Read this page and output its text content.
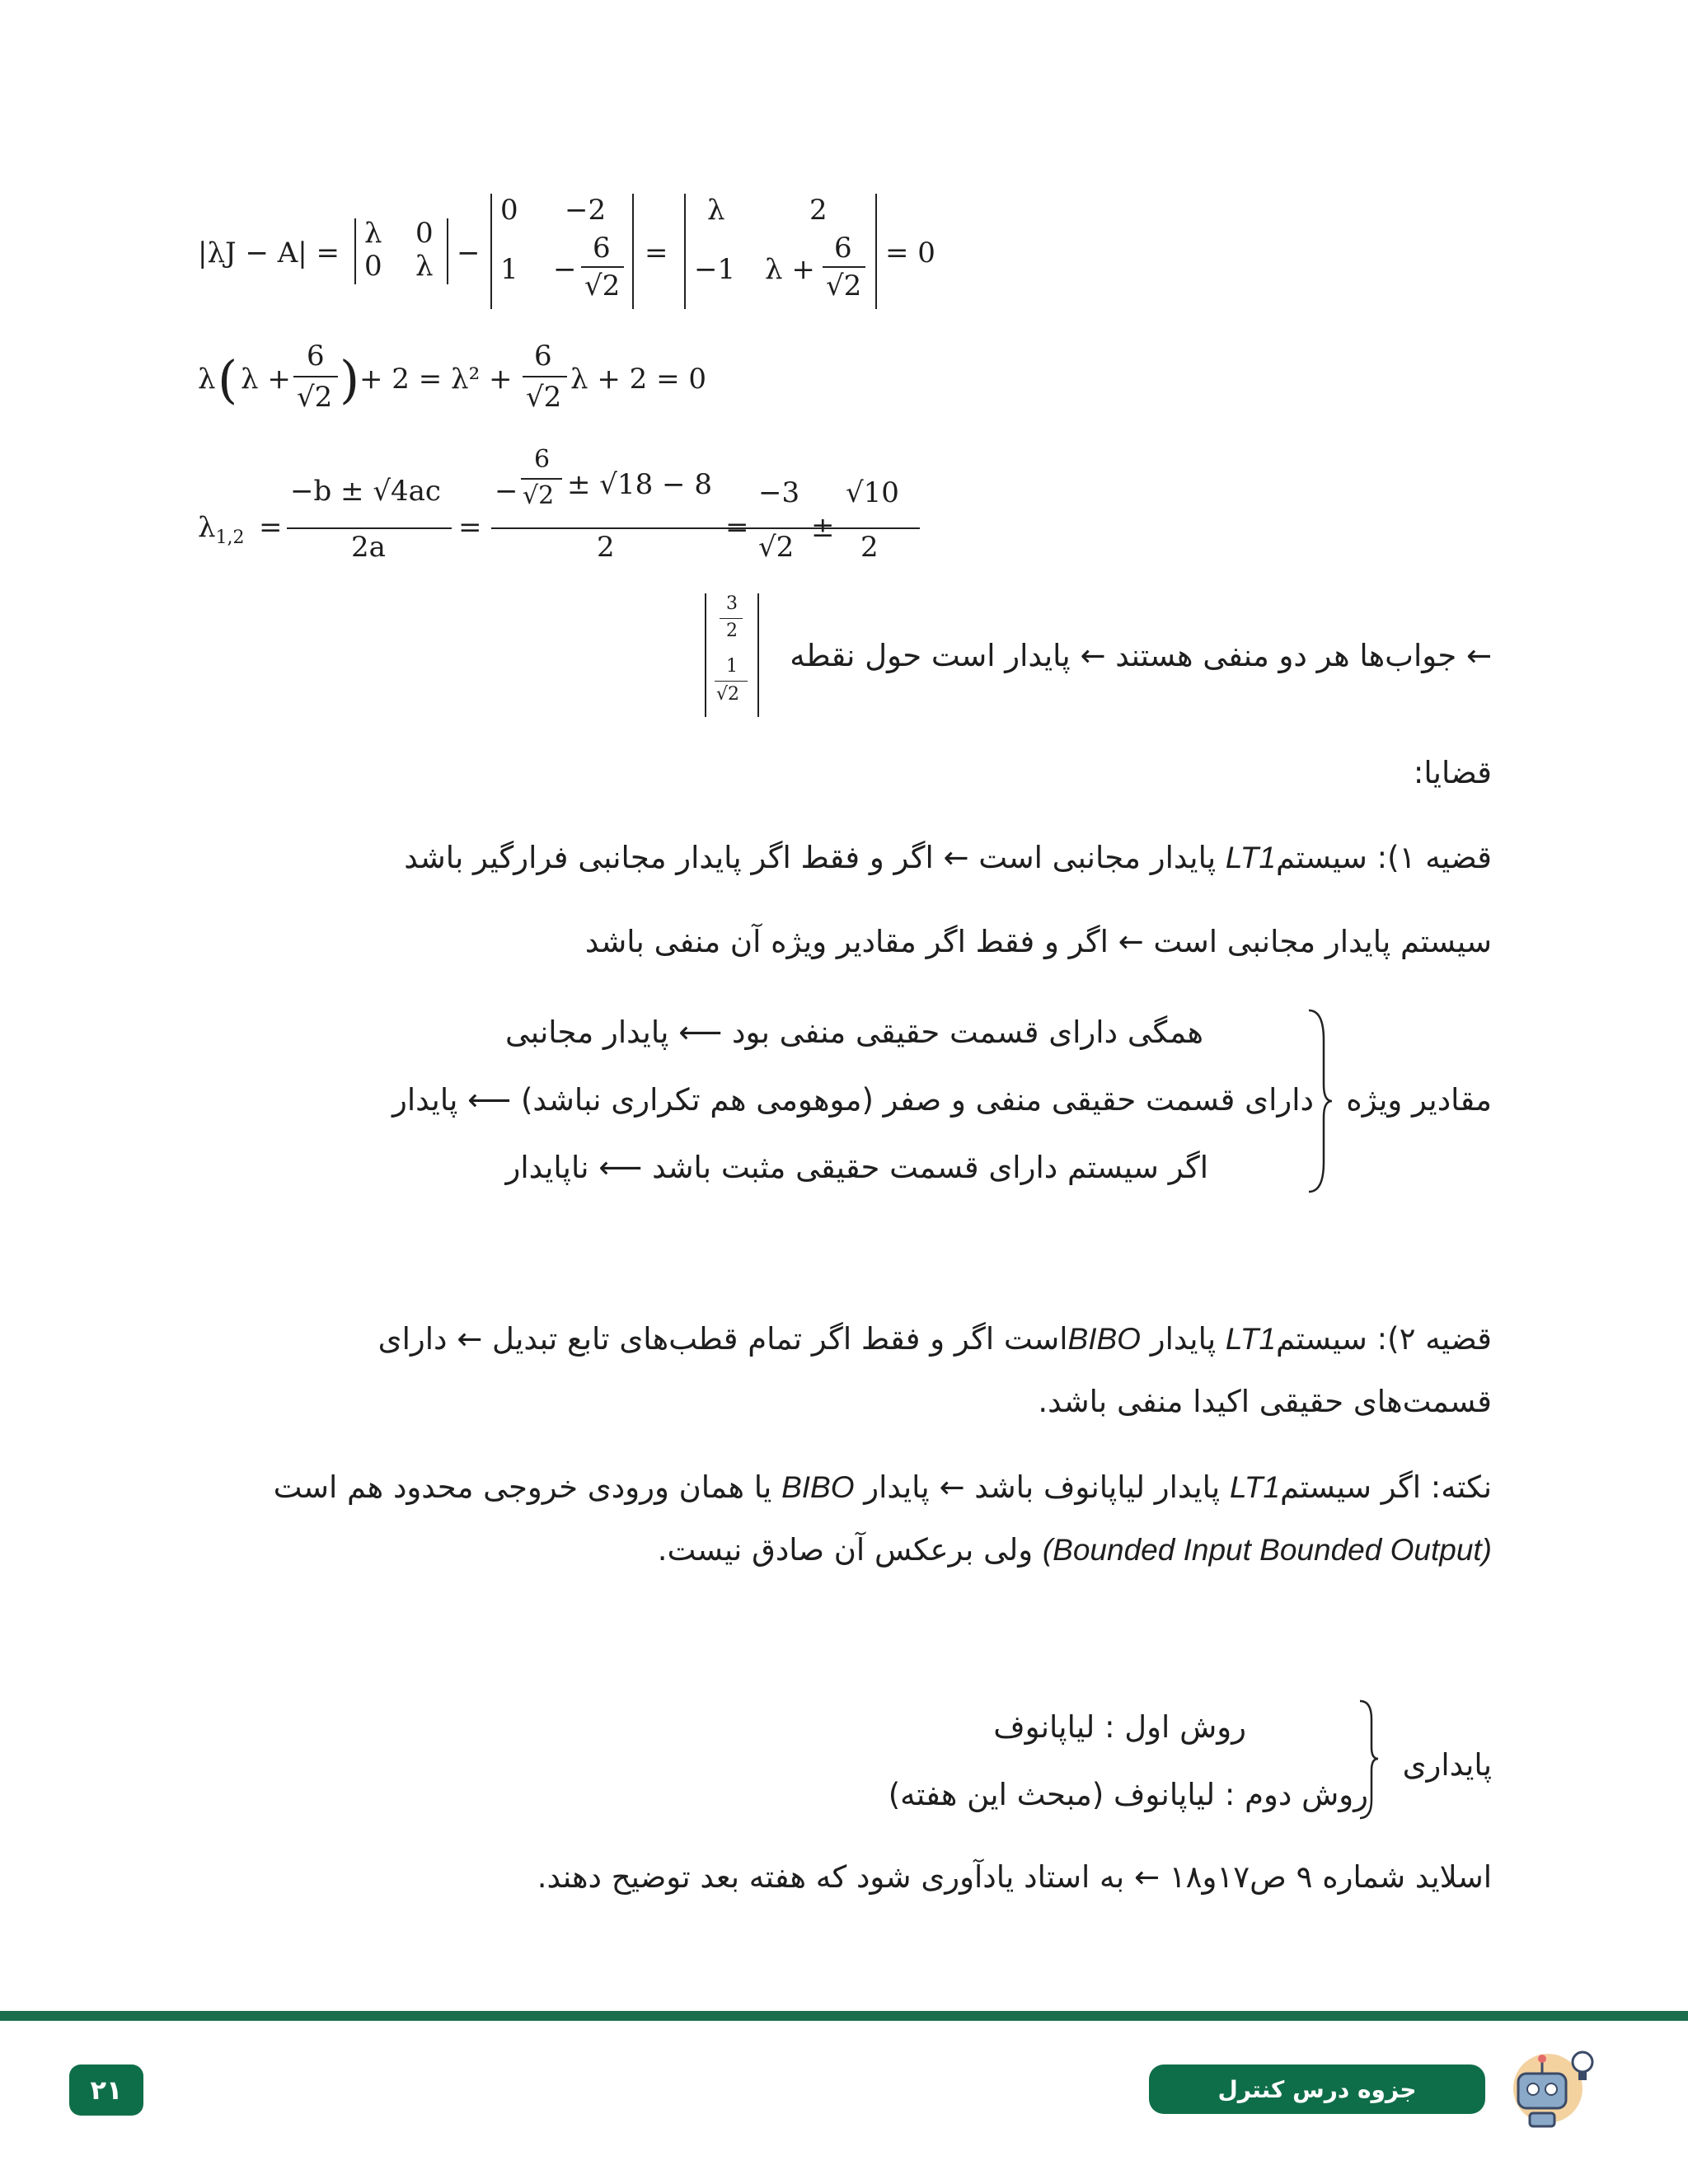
|λJ − A| =
λ 0
0 λ −
0 −2
1 −
6
√2
=
λ	2
−1 λ +
6
√2
= 0
λ ( λ +
6
√2 ) + 2 = λ² +
6
√2
λ + 2 = 0
$\lambda_{1,2}$ =
−b ± √4ac
2a
=
−
6
√2 ± √18 − 8
2
=
−3
√2
±
√10
2
← جواب‌ها هر دو منفی هستند ← پایدار است حول نقطه
3
2
1
√2
قضایا:
قضیه ۱): سیستمLT1 پایدار مجانبی است ← اگر و فقط اگر پایدار مجانبی فرارگیر باشد
سیستم پایدار مجانبی است ← اگر و فقط اگر مقادیر ویژه آن منفی باشد
مقادیر ویژه
همگی دارای قسمت حقیقی منفی بود ⟵ پایدار مجانبی
دارای قسمت حقیقی منفی و صفر (موهومی هم تکراری نباشد) ⟵ پایدار
اگر سیستم دارای قسمت حقیقی مثبت باشد ⟵ ناپایدار
قضیه ۲): سیستمLT1 پایدار BIBOاست اگر و فقط اگر تمام قطب‌های تابع تبدیل ← دارای
قسمت‌های حقیقی اکیدا منفی باشد.
نکته: اگر سیستمLT1 پایدار لیاپانوف باشد ← پایدار BIBO یا همان ورودی خروجی محدود هم است
(Bounded Input Bounded Output) ولی برعکس آن صادق نیست.
پایداری
روش اول : لیاپانوف
روش دوم : لیاپانوف (مبحث این هفته)
اسلاید شماره ۹ ص۱۷و۱۸ ← به استاد یادآوری شود که هفته بعد توضیح دهند.
جزوه درس کنترل
۲۱
